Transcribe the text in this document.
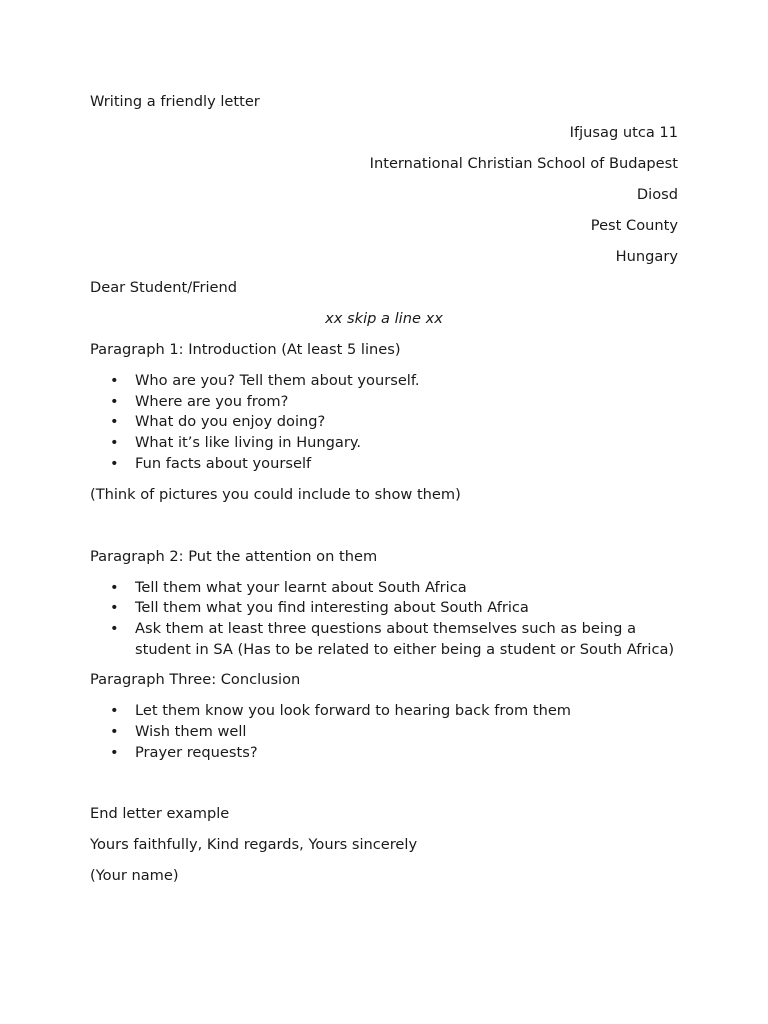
Writing a friendly letter
Ifjusag utca 11
International Christian School of Budapest
Diosd
Pest County
Hungary
Dear Student/Friend
xx skip a line xx
Paragraph 1: Introduction (At least 5 lines)
• Who are you? Tell them about yourself.
• Where are you from?
• What do you enjoy doing?
• What it’s like living in Hungary.
• Fun facts about yourself
(Think of pictures you could include to show them)
Paragraph 2: Put the attention on them
• Tell them what your learnt about South Africa
• Tell them what you find interesting about South Africa
• Ask them at least three questions about themselves such as being a student in SA (Has to be related to either being a student or South Africa)
Paragraph Three: Conclusion
• Let them know you look forward to hearing back from them
• Wish them well
• Prayer requests?
End letter example
Yours faithfully, Kind regards, Yours sincerely
(Your name)
